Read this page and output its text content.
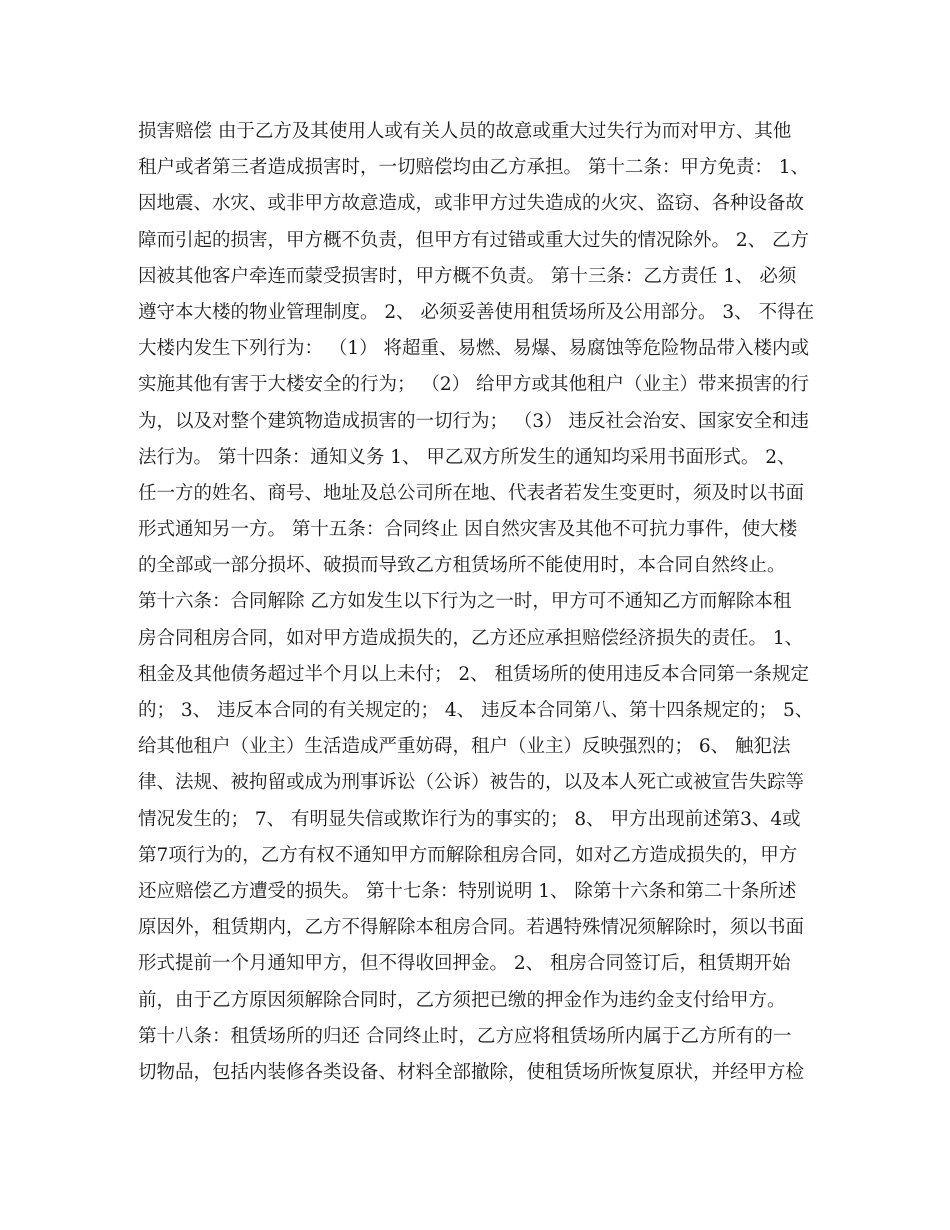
损害赔偿 由于乙方及其使用人或有关人员的故意或重大过失行为而对甲方、其他
租户或者第三者造成损害时，一切赔偿均由乙方承担。 第十二条：甲方免责： 1、
因地震、水灾、或非甲方故意造成，或非甲方过失造成的火灾、盗窃、各种设备故
障而引起的损害，甲方概不负责，但甲方有过错或重大过失的情况除外。 2、 乙方
因被其他客户牵连而蒙受损害时，甲方概不负责。 第十三条：乙方责任 1、 必须
遵守本大楼的物业管理制度。 2、 必须妥善使用租赁场所及公用部分。 3、 不得在
大楼内发生下列行为： （1） 将超重、易燃、易爆、易腐蚀等危险物品带入楼内或
实施其他有害于大楼安全的行为； （2） 给甲方或其他租户（业主）带来损害的行
为，以及对整个建筑物造成损害的一切行为； （3） 违反社会治安、国家安全和违
法行为。 第十四条：通知义务 1、 甲乙双方所发生的通知均采用书面形式。 2、
任一方的姓名、商号、地址及总公司所在地、代表者若发生变更时，须及时以书面
形式通知另一方。 第十五条：合同终止 因自然灾害及其他不可抗力事件，使大楼
的全部或一部分损坏、破损而导致乙方租赁场所不能使用时，本合同自然终止。
第十六条：合同解除 乙方如发生以下行为之一时，甲方可不通知乙方而解除本租
房合同租房合同，如对甲方造成损失的，乙方还应承担赔偿经济损失的责任。 1、
租金及其他债务超过半个月以上未付； 2、 租赁场所的使用违反本合同第一条规定
的； 3、 违反本合同的有关规定的； 4、 违反本合同第八、第十四条规定的； 5、
给其他租户（业主）生活造成严重妨碍，租户（业主）反映强烈的； 6、 触犯法
律、法规、被拘留或成为刑事诉讼（公诉）被告的，以及本人死亡或被宣告失踪等
情况发生的； 7、 有明显失信或欺诈行为的事实的； 8、 甲方出现前述第3、4或
第7项行为的，乙方有权不通知甲方而解除租房合同，如对乙方造成损失的，甲方
还应赔偿乙方遭受的损失。 第十七条：特别说明 1、 除第十六条和第二十条所述
原因外，租赁期内，乙方不得解除本租房合同。若遇特殊情况须解除时，须以书面
形式提前一个月通知甲方，但不得收回押金。 2、 租房合同签订后，租赁期开始
前，由于乙方原因须解除合同时，乙方须把已缴的押金作为违约金支付给甲方。
第十八条：租赁场所的归还 合同终止时，乙方应将租赁场所内属于乙方所有的一
切物品，包括内装修各类设备、材料全部撤除，使租赁场所恢复原状，并经甲方检
